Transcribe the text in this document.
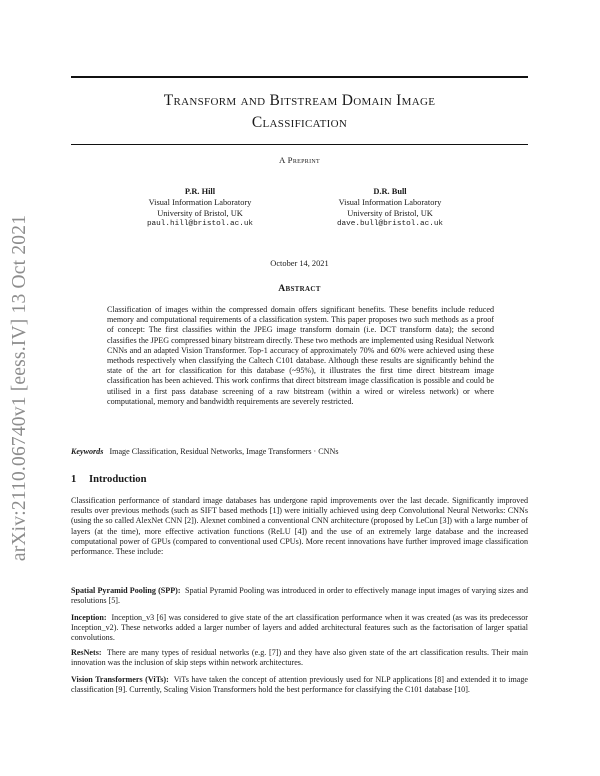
arXiv:2110.06740v1 [eess.IV] 13 Oct 2021
Transform and Bitstream Domain Image
Classification
A Preprint
P.R. Hill
Visual Information Laboratory
University of Bristol, UK
paul.hill@bristol.ac.uk
D.R. Bull
Visual Information Laboratory
University of Bristol, UK
dave.bull@bristol.ac.uk
October 14, 2021
Abstract

Classification of images within the compressed domain offers significant benefits. These benefits include reduced memory and computational requirements of a classification system. This paper proposes two such methods as a proof of concept: The first classifies within the JPEG image transform domain (i.e. DCT transform data); the second classifies the JPEG compressed binary bitstream directly. These two methods are implemented using Residual Network CNNs and an adapted Vision Transformer. Top-1 accuracy of approximately 70% and 60% were achieved using these methods respectively when classifying the Caltech C101 database. Although these results are significantly behind the state of the art for classification for this database (~95%), it illustrates the first time direct bitstream image classification has been achieved. This work confirms that direct bitstream image classification is possible and could be utilised in a first pass database screening of a raw bitstream (within a wired or wireless network) or where computational, memory and bandwidth requirements are severely restricted.

Keywords Image Classification, Residual Networks, Image Transformers · CNNs

1 Introduction

Classification performance of standard image databases has undergone rapid improvements over the last decade. Significantly improved results over previous methods (such as SIFT based methods [1]) were initially achieved using deep Convolutional Neural Networks: CNNs (using the so called AlexNet CNN [2]). Alexnet combined a conventional CNN architecture (proposed by LeCun [3]) with a large number of layers (at the time), more effective activation functions (ReLU [4]) and the use of an extremely large database and the increased computational power of GPUs (compared to conventional used CPUs). More recent innovations have further improved image classification performance. These include:

Spatial Pyramid Pooling (SPP): Spatial Pyramid Pooling was introduced in order to effectively manage input images of varying sizes and resolutions [5].

Inception: Inception_v3 [6] was considered to give state of the art classification performance when it was created (as was its predecessor Inception_v2). These networks added a larger number of layers and added architectural features such as the factorisation of larger spatial convolutions.

ResNets: There are many types of residual networks (e.g. [7]) and they have also given state of the art classification results. Their main innovation was the inclusion of skip steps within network architectures.

Vision Transformers (ViTs): ViTs have taken the concept of attention previously used for NLP applications [8] and extended it to image classification [9]. Currently, Scaling Vision Transformers hold the best performance for classifying the C101 database [10].
